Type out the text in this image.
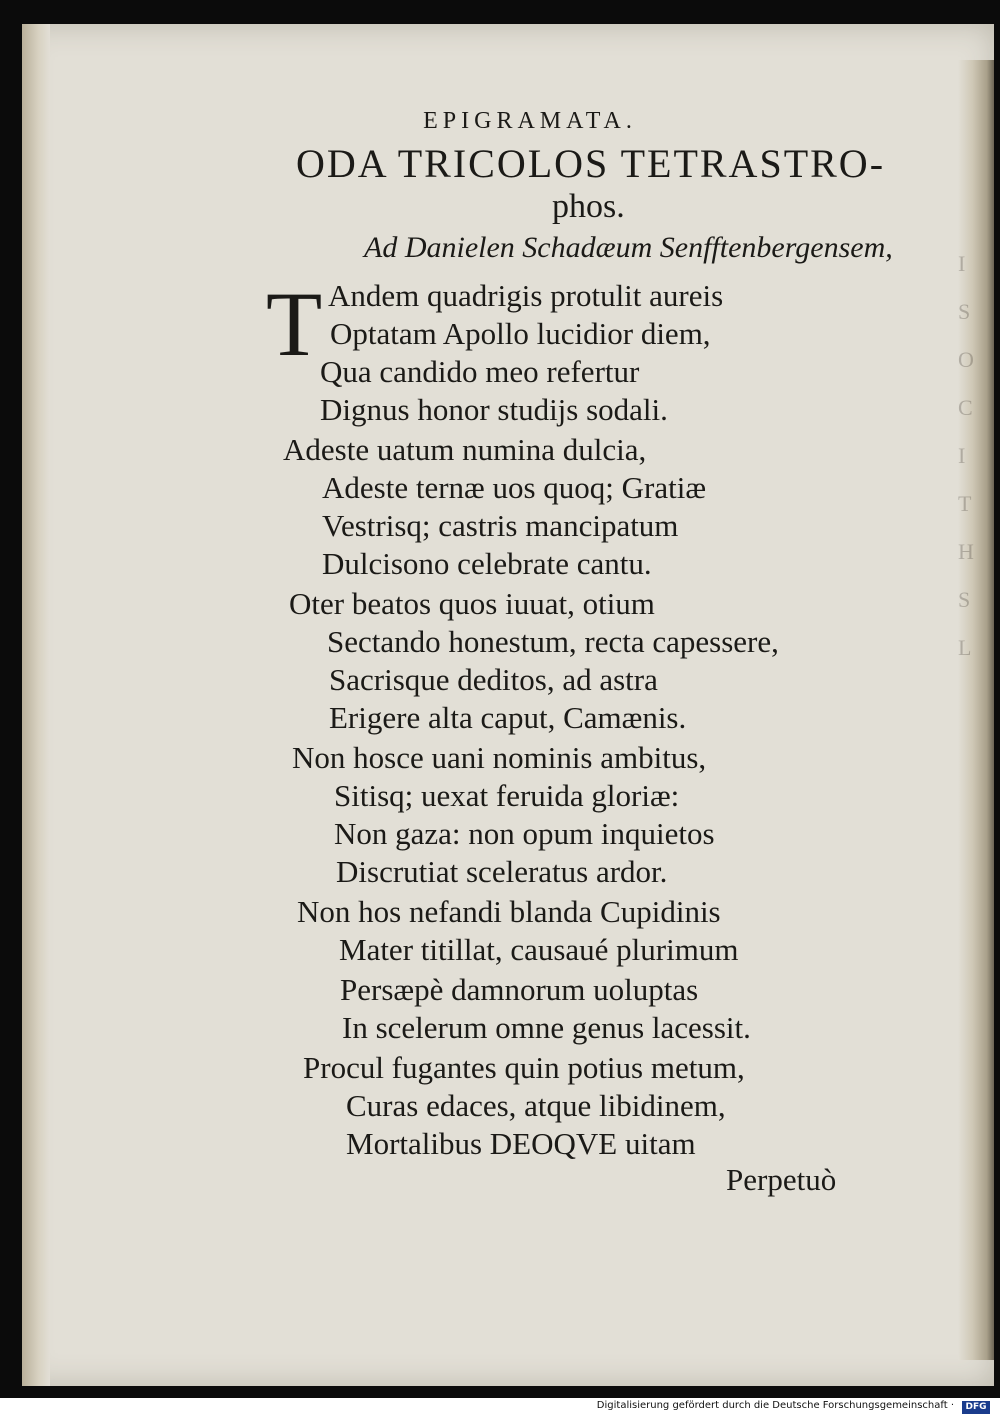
I
S
O
C
I
T
H
S
L
EPIGRAMATA.
ODA TRICOLOS TETRASTRO-
phos.
Ad Danielen Schadæum Senfftenbergensem,
T Andem quadrigis protulit aureis
Optatam Apollo lucidior diem,
Qua candido meo refertur
Dignus honor studijs sodali.
Adeste uatum numina dulcia,
Adeste ternæ uos quoq; Gratiæ
Vestrisq; castris mancipatum
Dulcisono celebrate cantu.
Oter beatos quos iuuat, otium
Sectando honestum, recta capessere,
Sacrisque deditos, ad astra
Erigere alta caput, Camænis.
Non hosce uani nominis ambitus,
Sitisq; uexat feruida gloriæ:
Non gaza: non opum inquietos
Discrutiat sceleratus ardor.
Non hos nefandi blanda Cupidinis
Mater titillat, causaué plurimum
Persæpè damnorum uoluptas
In scelerum omne genus lacessit.
Procul fugantes quin potius metum,
Curas edaces, atque libidinem,
Mortalibus DEOQVE uitam
Perpetuò
Digitalisierung gefördert durch die Deutsche Forschungsgemeinschaft ·	DFG
